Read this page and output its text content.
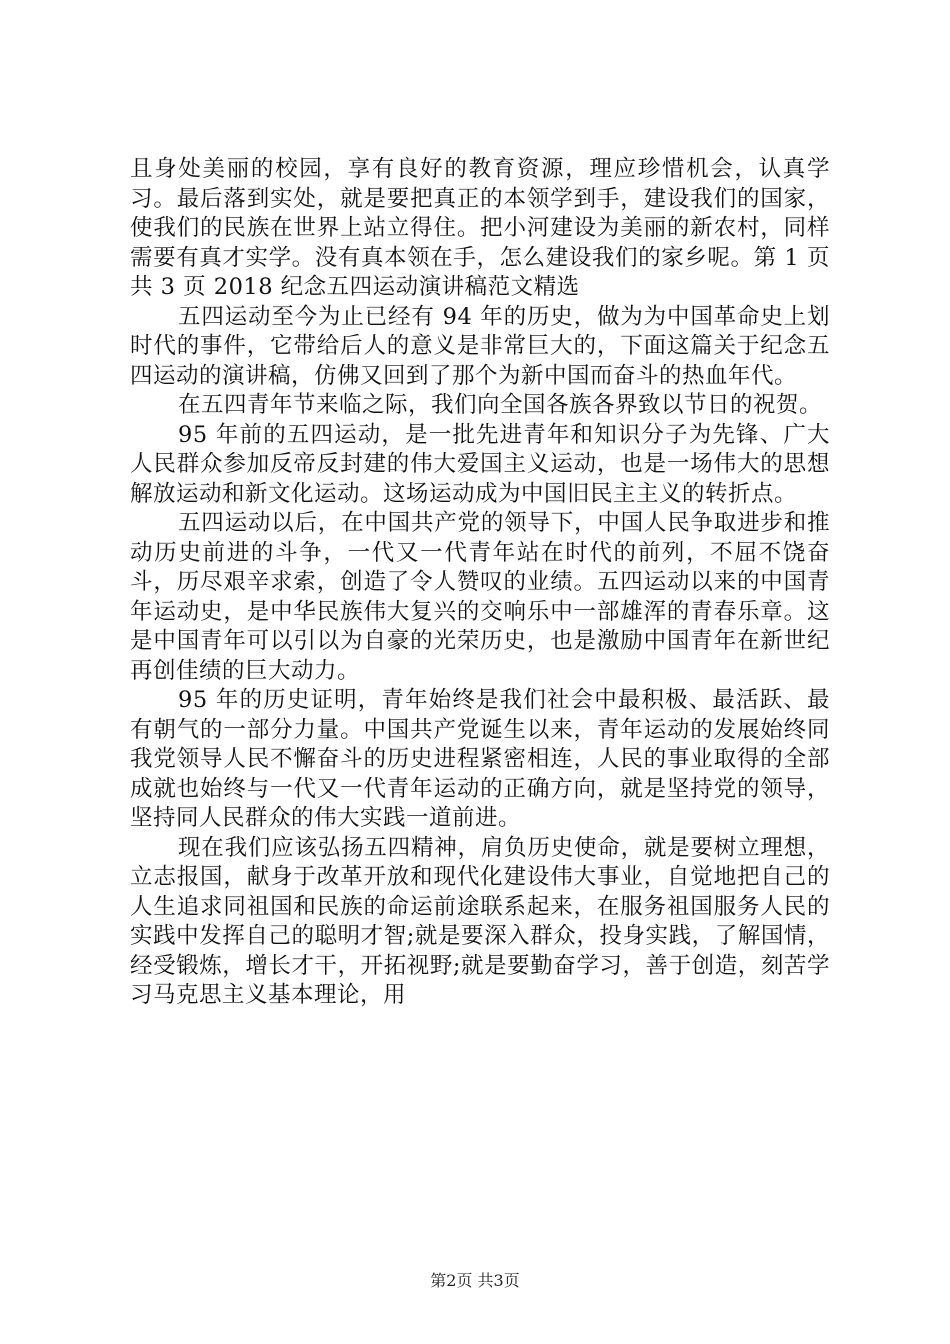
且身处美丽的校园，享有良好的教育资源，理应珍惜机会，认真学习。最后落到实处，就是要把真正的本领学到手，建设我们的国家，使我们的民族在世界上站立得住。把小河建设为美丽的新农村，同样需要有真才实学。没有真本领在手，怎么建设我们的家乡呢。第 1 页共 3 页 2018 纪念五四运动演讲稿范文精选

五四运动至今为止已经有 94 年的历史，做为为中国革命史上划时代的事件，它带给后人的意义是非常巨大的，下面这篇关于纪念五四运动的演讲稿，仿佛又回到了那个为新中国而奋斗的热血年代。

在五四青年节来临之际，我们向全国各族各界致以节日的祝贺。

95 年前的五四运动，是一批先进青年和知识分子为先锋、广大人民群众参加反帝反封建的伟大爱国主义运动，也是一场伟大的思想解放运动和新文化运动。这场运动成为中国旧民主主义的转折点。

五四运动以后，在中国共产党的领导下，中国人民争取进步和推动历史前进的斗争，一代又一代青年站在时代的前列，不屈不饶奋斗，历尽艰辛求索，创造了令人赞叹的业绩。五四运动以来的中国青年运动史，是中华民族伟大复兴的交响乐中一部雄浑的青春乐章。这是中国青年可以引以为自豪的光荣历史，也是激励中国青年在新世纪再创佳绩的巨大动力。

95 年的历史证明，青年始终是我们社会中最积极、最活跃、最有朝气的一部分力量。中国共产党诞生以来，青年运动的发展始终同我党领导人民不懈奋斗的历史进程紧密相连，人民的事业取得的全部成就也始终与一代又一代青年运动的正确方向，就是坚持党的领导，坚持同人民群众的伟大实践一道前进。

现在我们应该弘扬五四精神，肩负历史使命，就是要树立理想，立志报国，献身于改革开放和现代化建设伟大事业，自觉地把自己的人生追求同祖国和民族的命运前途联系起来，在服务祖国服务人民的实践中发挥自己的聪明才智;就是要深入群众，投身实践，了解国情，经受锻炼，增长才干，开拓视野;就是要勤奋学习，善于创造，刻苦学习马克思主义基本理论，用

第2页 共3页
